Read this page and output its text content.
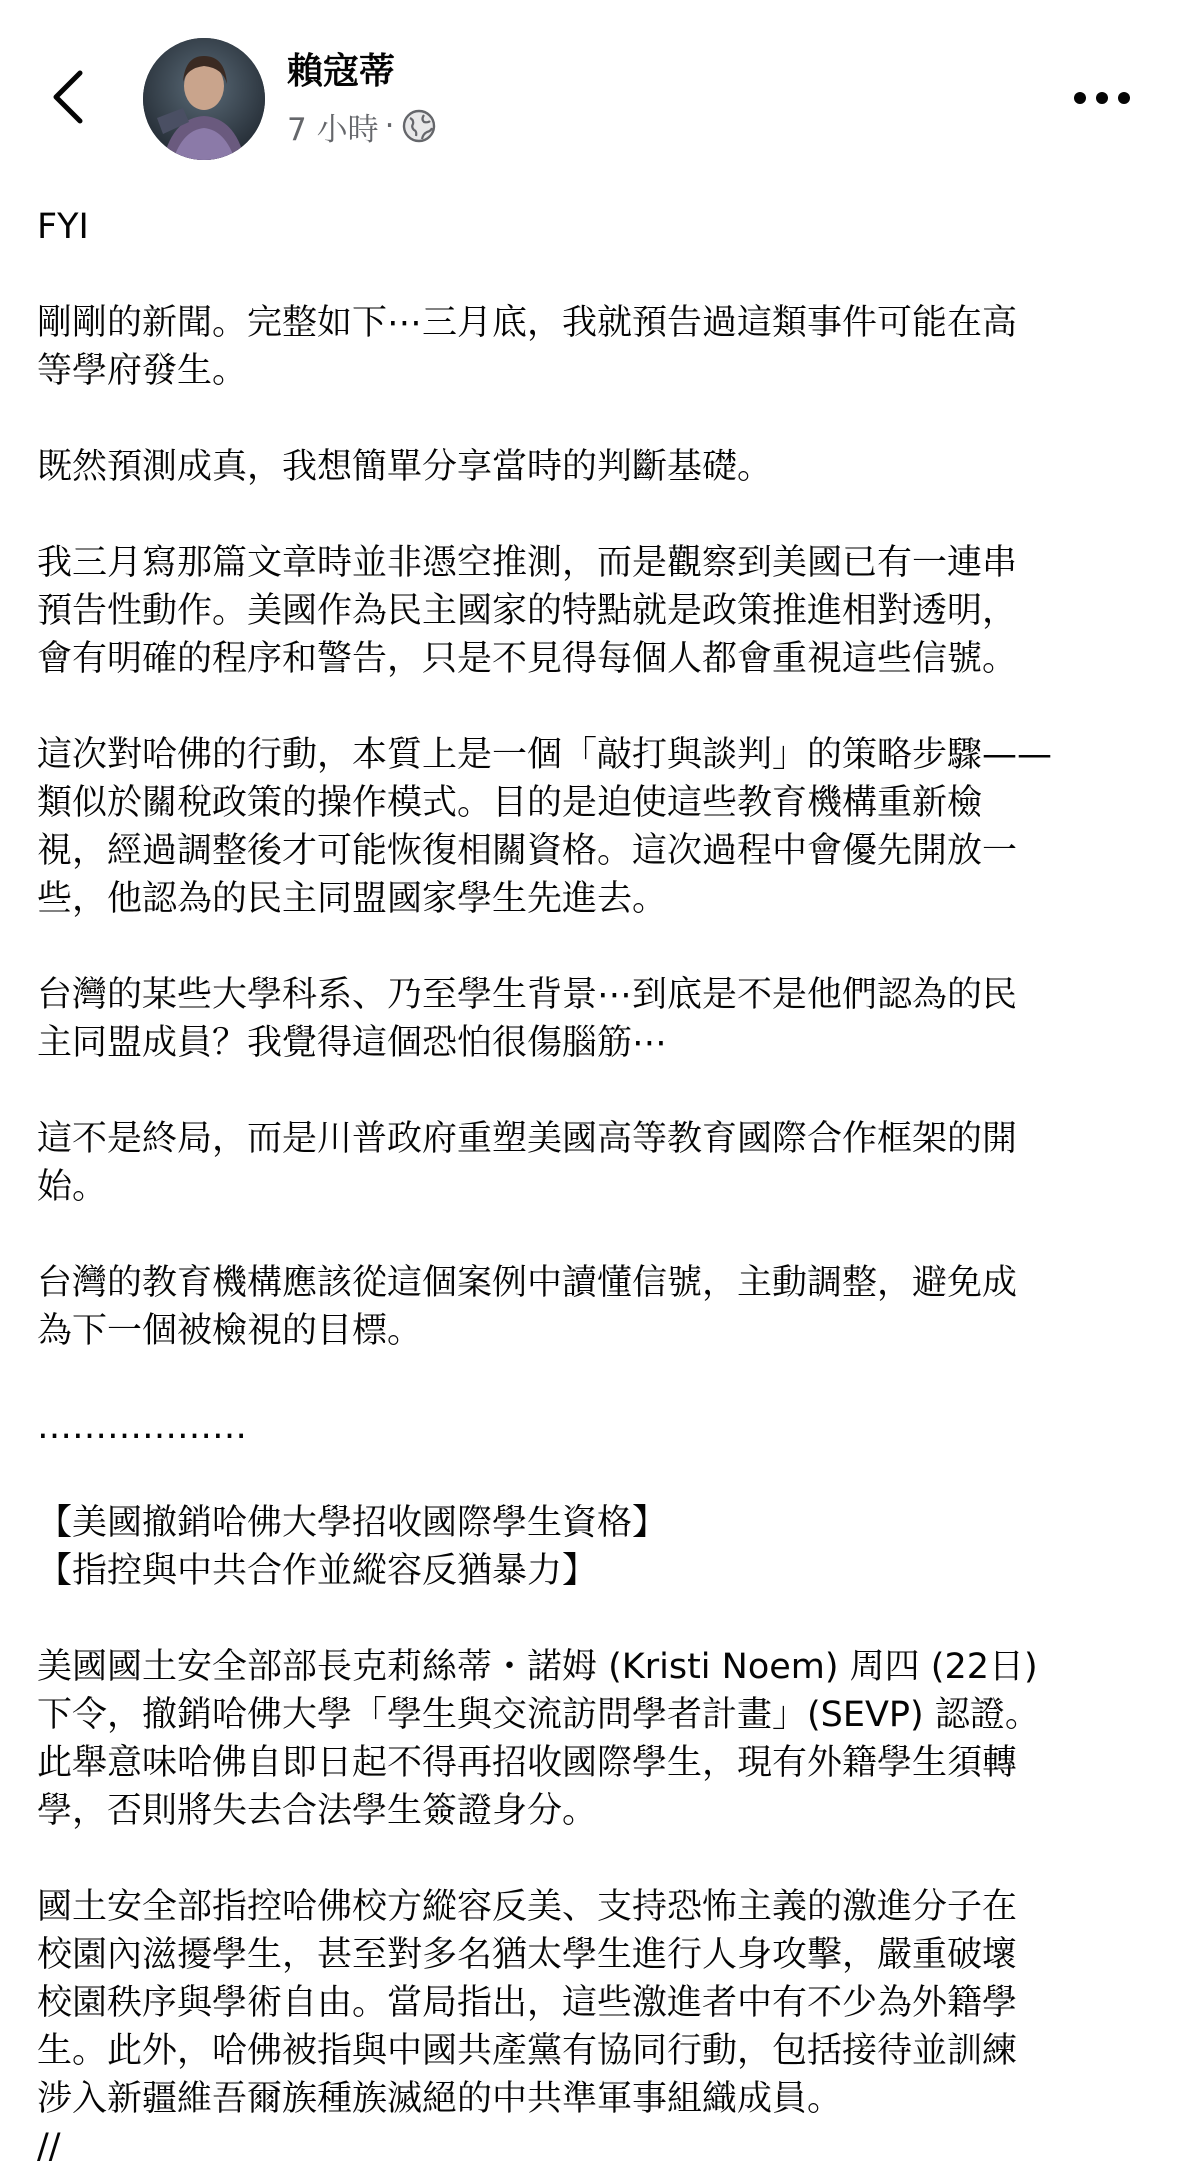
賴寇蒂
7 小時 ·

FYI

剛剛的新聞。完整如下⋯三月底，我就預告過這類事件可能在高

等學府發生。

既然預測成真，我想簡單分享當時的判斷基礎。

我三月寫那篇文章時並非憑空推測，而是觀察到美國已有一連串

預告性動作。美國作為民主國家的特點就是政策推進相對透明，

會有明確的程序和警告，只是不見得每個人都會重視這些信號。

這次對哈佛的行動，本質上是一個「敲打與談判」的策略步驟——

類似於關稅政策的操作模式。目的是迫使這些教育機構重新檢

視，經過調整後才可能恢復相關資格。這次過程中會優先開放一

些，他認為的民主同盟國家學生先進去。

台灣的某些大學科系、乃至學生背景⋯到底是不是他們認為的民

主同盟成員？我覺得這個恐怕很傷腦筋⋯

這不是終局，而是川普政府重塑美國高等教育國際合作框架的開

始。

台灣的教育機構應該從這個案例中讀懂信號，主動調整，避免成

為下一個被檢視的目標。

………………

【美國撤銷哈佛大學招收國際學生資格】

【指控與中共合作並縱容反猶暴力】

美國國土安全部部長克莉絲蒂・諾姆 (Kristi Noem) 周四 (22日)

下令，撤銷哈佛大學「學生與交流訪問學者計畫」(SEVP) 認證。

此舉意味哈佛自即日起不得再招收國際學生，現有外籍學生須轉

學，否則將失去合法學生簽證身分。

國土安全部指控哈佛校方縱容反美、支持恐怖主義的激進分子在

校園內滋擾學生，甚至對多名猶太學生進行人身攻擊，嚴重破壞

校園秩序與學術自由。當局指出，這些激進者中有不少為外籍學

生。此外，哈佛被指與中國共產黨有協同行動，包括接待並訓練

涉入新疆維吾爾族種族滅絕的中共準軍事組織成員。

//
